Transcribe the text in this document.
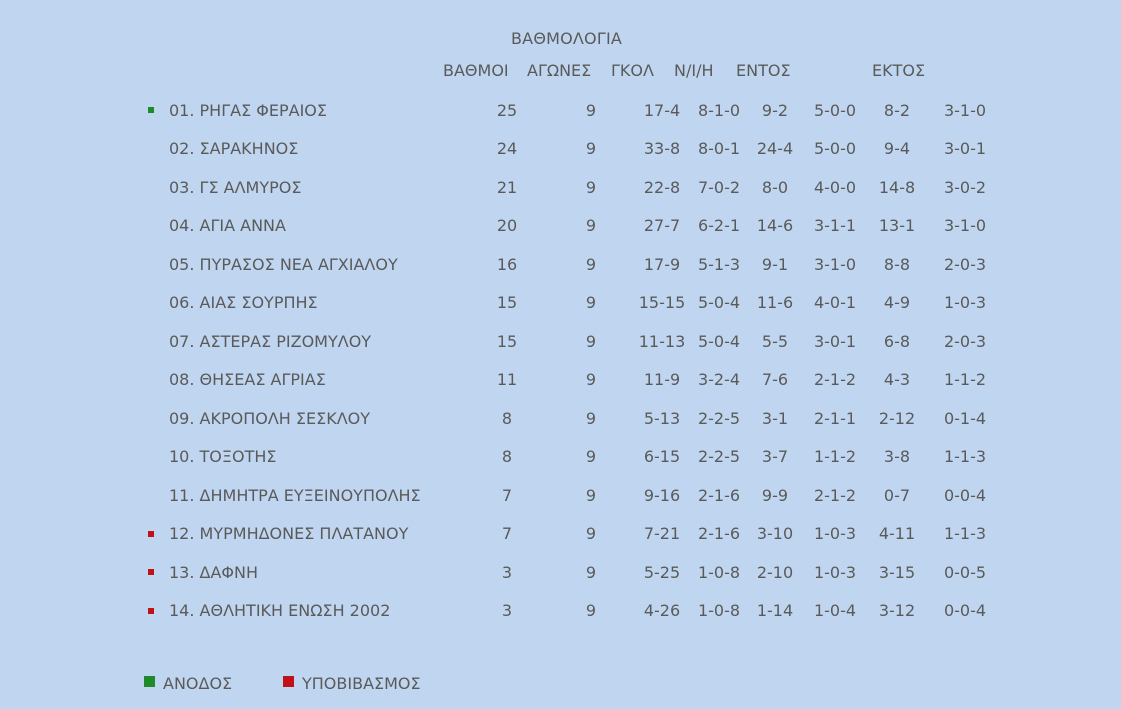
ΒΑΘΜΟΛΟΓΙΑ
ΒΑΘΜΟΙ ΑΓΩΝΕΣ ΓΚΟΛ Ν/Ι/Η ΕΝΤΟΣ	ΕΚΤΟΣ
	01. ΡΗΓΑΣ ΦΕΡΑΙΟΣ	25	9	17-4	8-1-0	9-2	5-0-0	8-2	3-1-0
	02. ΣΑΡΑΚΗΝΟΣ	24	9	33-8	8-0-1	24-4	5-0-0	9-4	3-0-1
	03. ΓΣ ΑΛΜΥΡΟΣ	21	9	22-8	7-0-2	8-0	4-0-0	14-8	3-0-2
	04. ΑΓΙΑ ΑΝΝΑ	20	9	27-7	6-2-1	14-6	3-1-1	13-1	3-1-0
	05. ΠΥΡΑΣΟΣ ΝΕΑ ΑΓΧΙΑΛΟΥ	16	9	17-9	5-1-3	9-1	3-1-0	8-8	2-0-3
	06. ΑΙΑΣ ΣΟΥΡΠΗΣ	15	9	15-15	5-0-4	11-6	4-0-1	4-9	1-0-3
	07. ΑΣΤΕΡΑΣ ΡΙΖΟΜΥΛΟΥ	15	9	11-13	5-0-4	5-5	3-0-1	6-8	2-0-3
	08. ΘΗΣΕΑΣ ΑΓΡΙΑΣ	11	9	11-9	3-2-4	7-6	2-1-2	4-3	1-1-2
	09. ΑΚΡΟΠΟΛΗ ΣΕΣΚΛΟΥ	8	9	5-13	2-2-5	3-1	2-1-1	2-12	0-1-4
	10. ΤΟΞΟΤΗΣ	8	9	6-15	2-2-5	3-7	1-1-2	3-8	1-1-3
	11. ΔΗΜΗΤΡΑ ΕΥΞΕΙΝΟΥΠΟΛΗΣ	7	9	9-16	2-1-6	9-9	2-1-2	0-7	0-0-4

	12. ΜΥΡΜΗΔΟΝΕΣ ΠΛΑΤΑΝΟΥ	7	9	7-21	2-1-6	3-10	1-0-3	4-11	1-1-3

	13. ΔΑΦΝΗ	3	9	5-25	1-0-8	2-10	1-0-3	3-15	0-0-5

	14. ΑΘΛΗΤΙΚΗ ΕΝΩΣΗ 2002	3	9	4-26	1-0-8	1-14	1-0-4	3-12	0-0-4
ΑΝΟΔΟΣ	ΥΠΟΒΙΒΑΣΜΟΣ
